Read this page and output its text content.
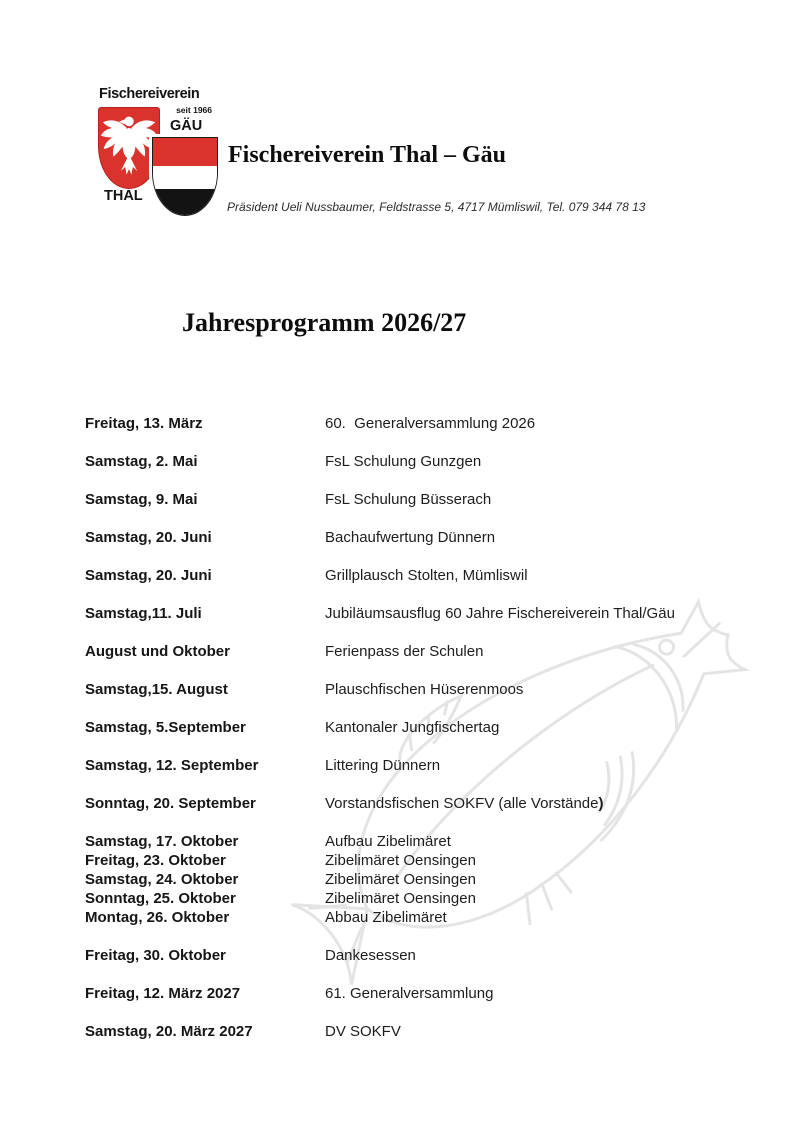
Fischereiverein
seit 1966
GÄU
THAL
Fischereiverein Thal – Gäu
Präsident Ueli Nussbaumer, Feldstrasse 5, 4717 Mümliswil, Tel. 079 344 78 13
Jahresprogramm 2026/27
Freitag, 13. März	60.  Generalversammlung 2026
Samstag, 2. Mai	FsL Schulung Gunzgen
Samstag, 9. Mai	FsL Schulung Büsserach
Samstag, 20. Juni	Bachaufwertung Dünnern
Samstag, 20. Juni	Grillplausch Stolten, Mümliswil
Samstag,11. Juli	Jubiläumsausflug 60 Jahre Fischereiverein Thal/Gäu
August und Oktober	Ferienpass der Schulen
Samstag,15. August	Plauschfischen Hüserenmoos
Samstag, 5.September	Kantonaler Jungfischertag
Samstag, 12. September	Littering Dünnern
Sonntag, 20. September	Vorstandsfischen SOKFV (alle Vorstände)
Samstag, 17. Oktober	Aufbau Zibelimäret
Freitag, 23. Oktober	Zibelimäret Oensingen
Samstag, 24. Oktober	Zibelimäret Oensingen
Sonntag, 25. Oktober	Zibelimäret Oensingen
Montag, 26. Oktober	Abbau Zibelimäret
Freitag, 30. Oktober	Dankesessen
Freitag, 12. März 2027	61. Generalversammlung
Samstag, 20. März 2027	DV SOKFV
